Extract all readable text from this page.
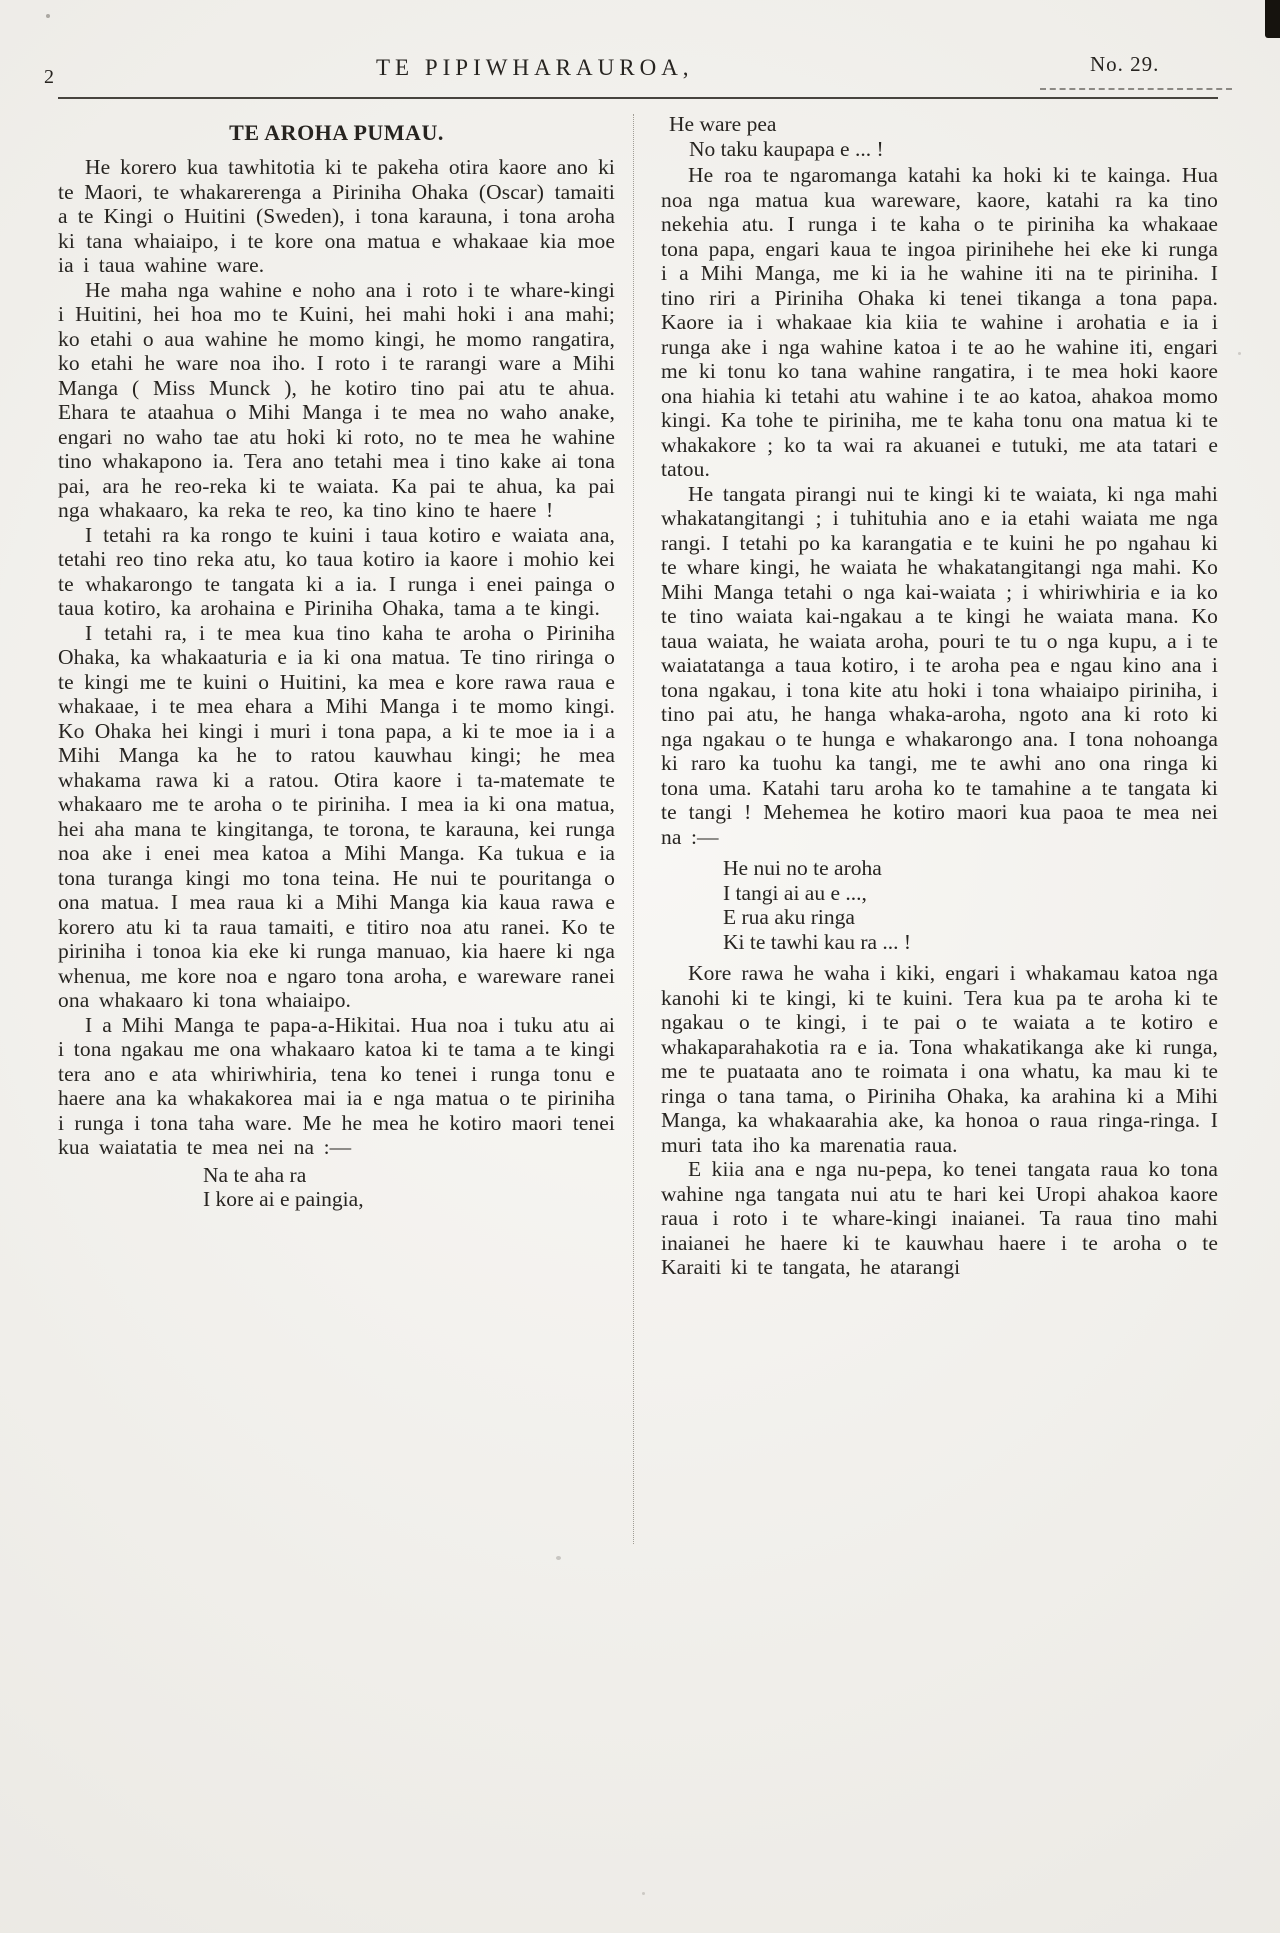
2	TE PIPIWHARAUROA,	No. 29.
TE AROHA PUMAU.

He korero kua tawhitotia ki te pakeha otira kaore ano ki te Maori, te whakarerenga a Piriniha Ohaka (Oscar) tamaiti a te Kingi o Huitini (Sweden), i tona karauna, i tona aroha ki tana whaiaipo, i te kore ona matua e whakaae kia moe ia i taua wahine ware.

He maha nga wahine e noho ana i roto i te whare-kingi i Huitini, hei hoa mo te Kuini, hei mahi hoki i ana mahi; ko etahi o aua wahine he momo kingi, he momo rangatira, ko etahi he ware noa iho. I roto i te rarangi ware a Mihi Manga ( Miss Munck ), he kotiro tino pai atu te ahua. Ehara te ataahua o Mihi Manga i te mea no waho anake, engari no waho tae atu hoki ki roto, no te mea he wahine tino whakapono ia. Tera ano tetahi mea i tino kake ai tona pai, ara he reo-reka ki te waiata. Ka pai te ahua, ka pai nga whakaaro, ka reka te reo, ka tino kino te haere !

I tetahi ra ka rongo te kuini i taua kotiro e waiata ana, tetahi reo tino reka atu, ko taua kotiro ia kaore i mohio kei te whakarongo te tangata ki a ia. I runga i enei painga o taua kotiro, ka arohaina e Piriniha Ohaka, tama a te kingi.

I tetahi ra, i te mea kua tino kaha te aroha o Piriniha Ohaka, ka whakaaturia e ia ki ona matua. Te tino riringa o te kingi me te kuini o Huitini, ka mea e kore rawa raua e whakaae, i te mea ehara a Mihi Manga i te momo kingi. Ko Ohaka hei kingi i muri i tona papa, a ki te moe ia i a Mihi Manga ka he to ratou kauwhau kingi; he mea whakama rawa ki a ratou. Otira kaore i ta-matemate te whakaaro me te aroha o te piriniha. I mea ia ki ona matua, hei aha mana te kingitanga, te torona, te karauna, kei runga noa ake i enei mea katoa a Mihi Manga. Ka tukua e ia tona turanga kingi mo tona teina. He nui te pouritanga o ona matua. I mea raua ki a Mihi Manga kia kaua rawa e korero atu ki ta raua tamaiti, e titiro noa atu ranei. Ko te piriniha i tonoa kia eke ki runga manuao, kia haere ki nga whenua, me kore noa e ngaro tona aroha, e wareware ranei ona whakaaro ki tona whaiaipo.

I a Mihi Manga te papa-a-Hikitai. Hua noa i tuku atu ai i tona ngakau me ona whakaaro katoa ki te tama a te kingi tera ano e ata whiriwhiria, tena ko tenei i runga tonu e haere ana ka whakakorea mai ia e nga matua o te piriniha i runga i tona taha ware. Me he mea he kotiro maori tenei kua waiatatia te mea nei na :—

Na te aha ra
I kore ai e paingia,
He ware pea
No taku kaupapa e ... !

He roa te ngaromanga katahi ka hoki ki te kainga. Hua noa nga matua kua wareware, kaore, katahi ra ka tino nekehia atu. I runga i te kaha o te piriniha ka whakaae tona papa, engari kaua te ingoa pirinihehe hei eke ki runga i a Mihi Manga, me ki ia he wahine iti na te piriniha. I tino riri a Piriniha Ohaka ki tenei tikanga a tona papa. Kaore ia i whakaae kia kiia te wahine i arohatia e ia i runga ake i nga wahine katoa i te ao he wahine iti, engari me ki tonu ko tana wahine rangatira, i te mea hoki kaore ona hiahia ki tetahi atu wahine i te ao katoa, ahakoa momo kingi. Ka tohe te piriniha, me te kaha tonu ona matua ki te whakakore ; ko ta wai ra akuanei e tutuki, me ata tatari e tatou.

He tangata pirangi nui te kingi ki te waiata, ki nga mahi whakatangitangi ; i tuhituhia ano e ia etahi waiata me nga rangi. I tetahi po ka karangatia e te kuini he po ngahau ki te whare kingi, he waiata he whakatangitangi nga mahi. Ko Mihi Manga tetahi o nga kai-waiata ; i whiriwhiria e ia ko te tino waiata kai-ngakau a te kingi he waiata mana. Ko taua waiata, he waiata aroha, pouri te tu o nga kupu, a i te waiatatanga a taua kotiro, i te aroha pea e ngau kino ana i tona ngakau, i tona kite atu hoki i tona whaiaipo piriniha, i tino pai atu, he hanga whaka-aroha, ngoto ana ki roto ki nga ngakau o te hunga e whakarongo ana. I tona nohoanga ki raro ka tuohu ka tangi, me te awhi ano ona ringa ki tona uma. Katahi taru aroha ko te tamahine a te tangata ki te tangi ! Mehemea he kotiro maori kua paoa te mea nei na :—

He nui no te aroha
I tangi ai au e ...,
E rua aku ringa
Ki te tawhi kau ra ... !

Kore rawa he waha i kiki, engari i whakamau katoa nga kanohi ki te kingi, ki te kuini. Tera kua pa te aroha ki te ngakau o te kingi, i te pai o te waiata a te kotiro e whakaparahakotia ra e ia. Tona whakatikanga ake ki runga, me te puataata ano te roimata i ona whatu, ka mau ki te ringa o tana tama, o Piriniha Ohaka, ka arahina ki a Mihi Manga, ka whakaarahia ake, ka honoa o raua ringa-ringa. I muri tata iho ka marenatia raua.

E kiia ana e nga nu-pepa, ko tenei tangata raua ko tona wahine nga tangata nui atu te hari kei Uropi ahakoa kaore raua i roto i te whare-kingi inaianei. Ta raua tino mahi inaianei he haere ki te kauwhau haere i te aroha o te Karaiti ki te tangata, he atarangi
